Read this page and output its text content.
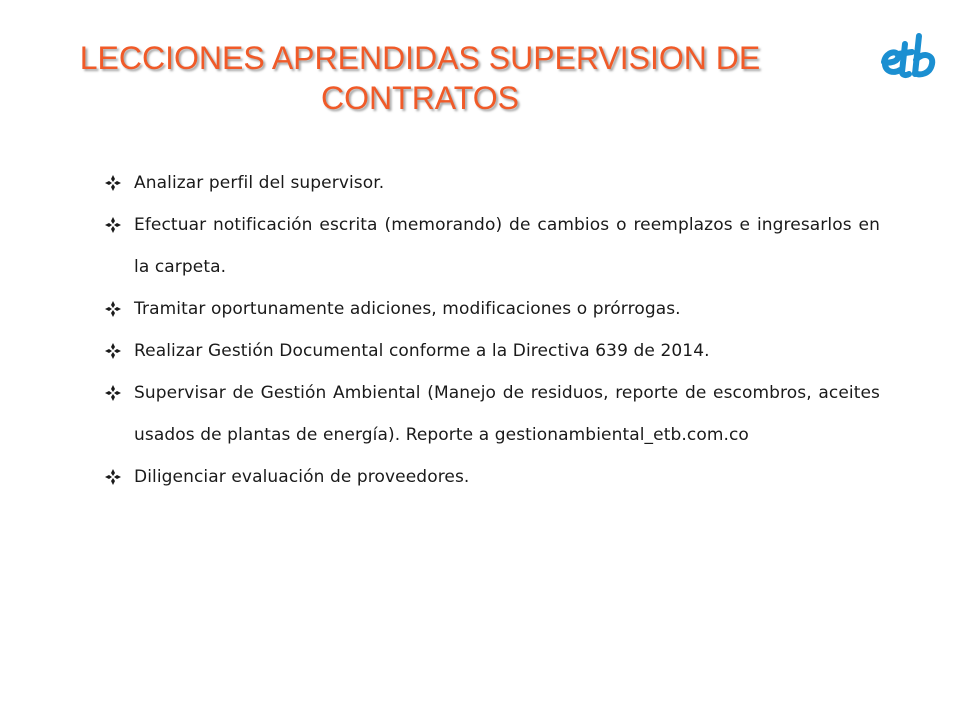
LECCIONES APRENDIDAS SUPERVISION DE
CONTRATOS
Analizar perfil del supervisor.
Efectuar notificación escrita (memorando) de cambios o reemplazos e ingresarlos en la carpeta.
Tramitar oportunamente adiciones, modificaciones o prórrogas.
Realizar Gestión Documental conforme a la Directiva 639 de 2014.
Supervisar de Gestión Ambiental (Manejo de residuos, reporte de escombros, aceites usados de plantas de energía). Reporte a gestionambiental_etb.com.co
Diligenciar evaluación de proveedores.
